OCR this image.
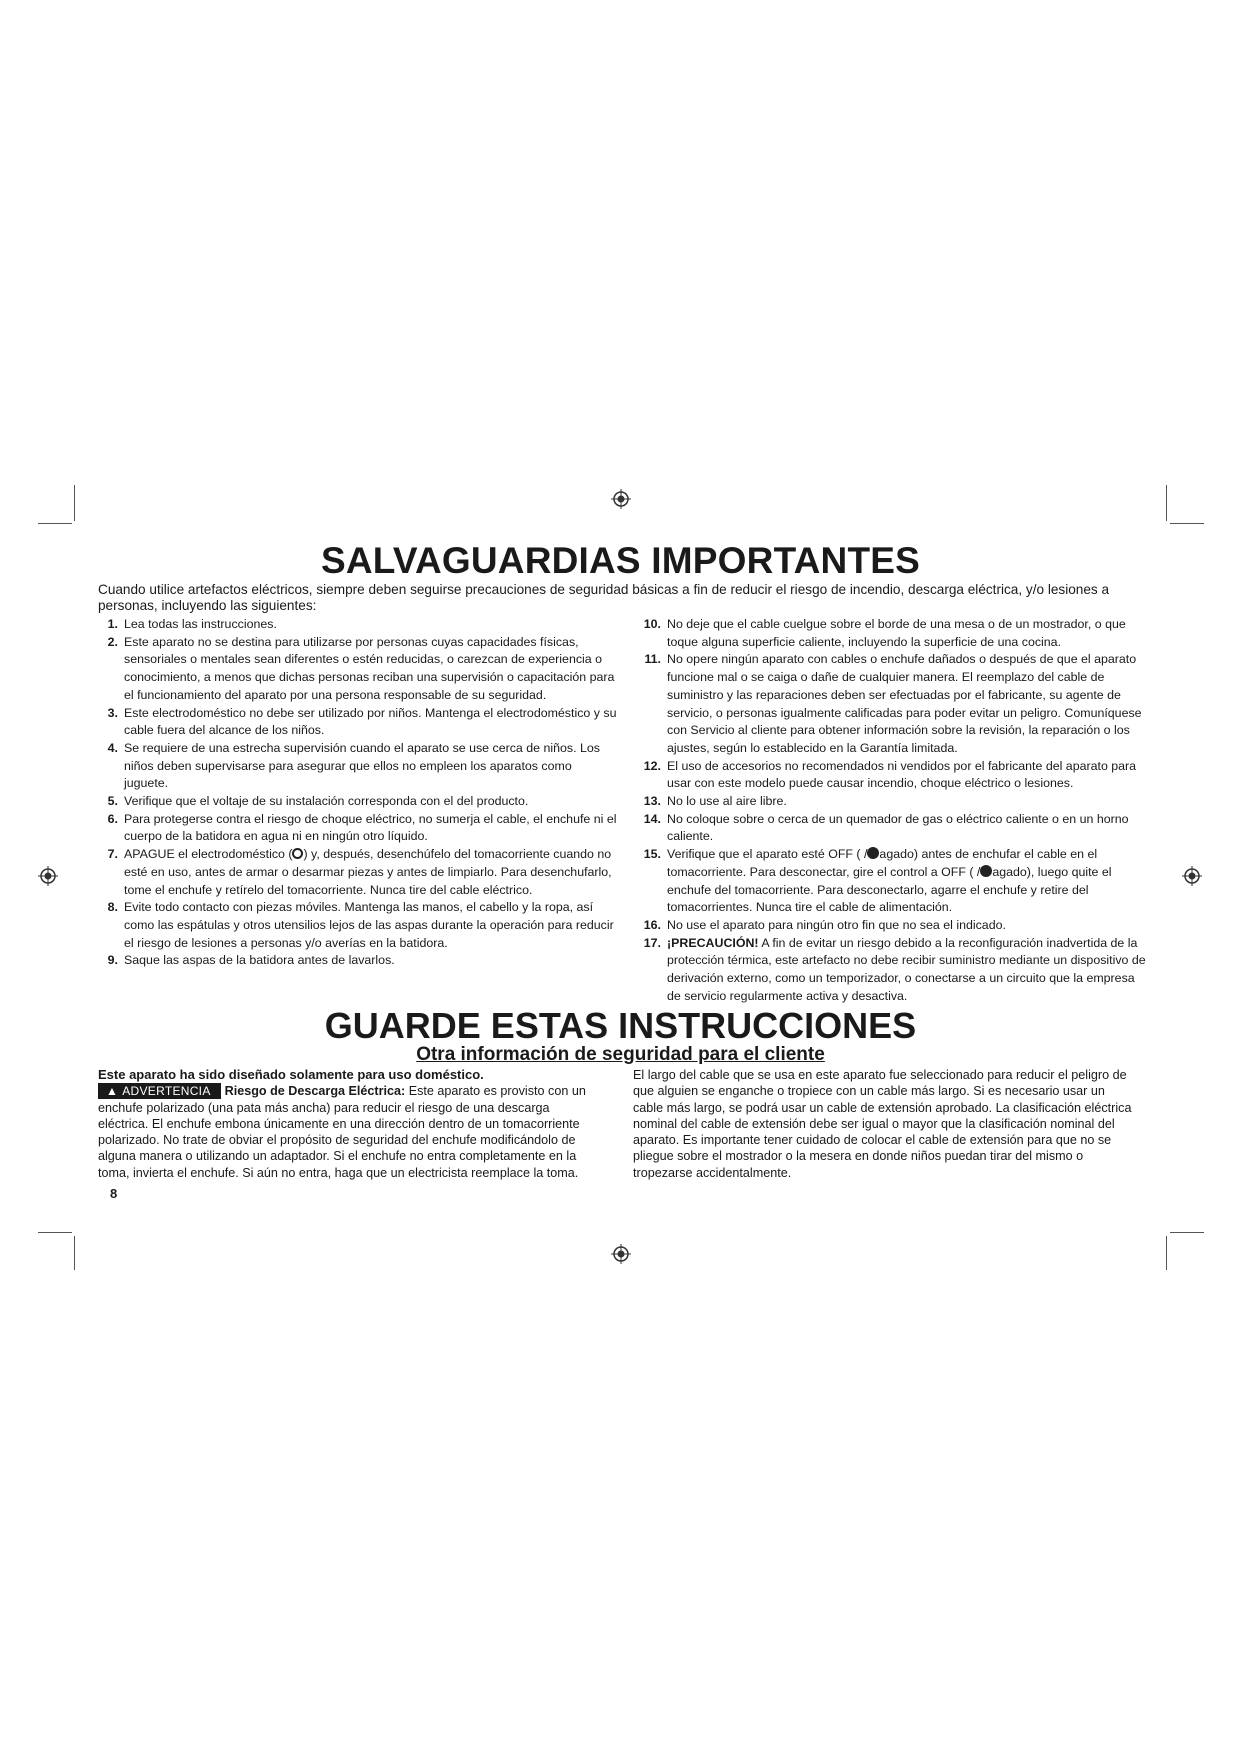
SALVAGUARDIAS IMPORTANTES
Cuando utilice artefactos eléctricos, siempre deben seguirse precauciones de seguridad básicas a fin de reducir el riesgo de incendio, descarga eléctrica, y/o lesiones a personas, incluyendo las siguientes:
1. Lea todas las instrucciones.
2. Este aparato no se destina para utilizarse por personas cuyas capacidades físicas, sensoriales o mentales sean diferentes o estén reducidas, o carezcan de experiencia o conocimiento, a menos que dichas personas reciban una supervisión o capacitación para el funcionamiento del aparato por una persona responsable de su seguridad.
3. Este electrodoméstico no debe ser utilizado por niños. Mantenga el electrodoméstico y su cable fuera del alcance de los niños.
4. Se requiere de una estrecha supervisión cuando el aparato se use cerca de niños. Los niños deben supervisarse para asegurar que ellos no empleen los aparatos como juguete.
5. Verifique que el voltaje de su instalación corresponda con el del producto.
6. Para protegerse contra el riesgo de choque eléctrico, no sumerja el cable, el enchufe ni el cuerpo de la batidora en agua ni en ningún otro líquido.
7. APAGUE el electrodoméstico ( ) y, después, desenchúfelo del tomacorriente cuando no esté en uso, antes de armar o desarmar piezas y antes de limpiarlo. Para desenchufarlo, tome el enchufe y retírelo del tomacorriente. Nunca tire del cable eléctrico.
8. Evite todo contacto con piezas móviles. Mantenga las manos, el cabello y la ropa, así como las espátulas y otros utensilios lejos de las aspas durante la operación para reducir el riesgo de lesiones a personas y/o averías en la batidora.
9. Saque las aspas de la batidora antes de lavarlos.
10. No deje que el cable cuelgue sobre el borde de una mesa o de un mostrador, o que toque alguna superficie caliente, incluyendo la superficie de una cocina.
11. No opere ningún aparato con cables o enchufe dañados o después de que el aparato funcione mal o se caiga o dañe de cualquier manera. El reemplazo del cable de suministro y las reparaciones deben ser efectuadas por el fabricante, su agente de servicio, o personas igualmente calificadas para poder evitar un peligro. Comuníquese con Servicio al cliente para obtener información sobre la revisión, la reparación o los ajustes, según lo establecido en la Garantía limitada.
12. El uso de accesorios no recomendados ni vendidos por el fabricante del aparato para usar con este modelo puede causar incendio, choque eléctrico o lesiones.
13. No lo use al aire libre.
14. No coloque sobre o cerca de un quemador de gas o eléctrico caliente o en un horno caliente.
15. Verifique que el aparato esté OFF ( / agado) antes de enchufar el cable en el tomacorriente. Para desconectar, gire el control a OFF ( / agado), luego quite el enchufe del tomacorriente. Para desconectarlo, agarre el enchufe y retire del tomacorrientes. Nunca tire el cable de alimentación.
16. No use el aparato para ningún otro fin que no sea el indicado.
17. ¡PRECAUCIÓN! A fin de evitar un riesgo debido a la reconfiguración inadvertida de la protección térmica, este artefacto no debe recibir suministro mediante un dispositivo de derivación externo, como un temporizador, o conectarse a un circuito que la empresa de servicio regularmente activa y desactiva.
GUARDE ESTAS INSTRUCCIONES
Otra información de seguridad para el cliente
Este aparato ha sido diseñado solamente para uso doméstico.
▲ ADVERTENCIA Riesgo de Descarga Eléctrica: Este aparato es provisto con un enchufe polarizado (una pata más ancha) para reducir el riesgo de una descarga eléctrica. El enchufe embona únicamente en una dirección dentro de un tomacorriente polarizado. No trate de obviar el propósito de seguridad del enchufe modificándolo de alguna manera o utilizando un adaptador. Si el enchufe no entra completamente en la toma, invierta el enchufe. Si aún no entra, haga que un electricista reemplace la toma.
El largo del cable que se usa en este aparato fue seleccionado para reducir el peligro de que alguien se enganche o tropiece con un cable más largo. Si es necesario usar un cable más largo, se podrá usar un cable de extensión aprobado. La clasificación eléctrica nominal del cable de extensión debe ser igual o mayor que la clasificación nominal del aparato. Es importante tener cuidado de colocar el cable de extensión para que no se pliegue sobre el mostrador o la mesera en donde niños puedan tirar del mismo o tropezarse accidentalmente.
8
